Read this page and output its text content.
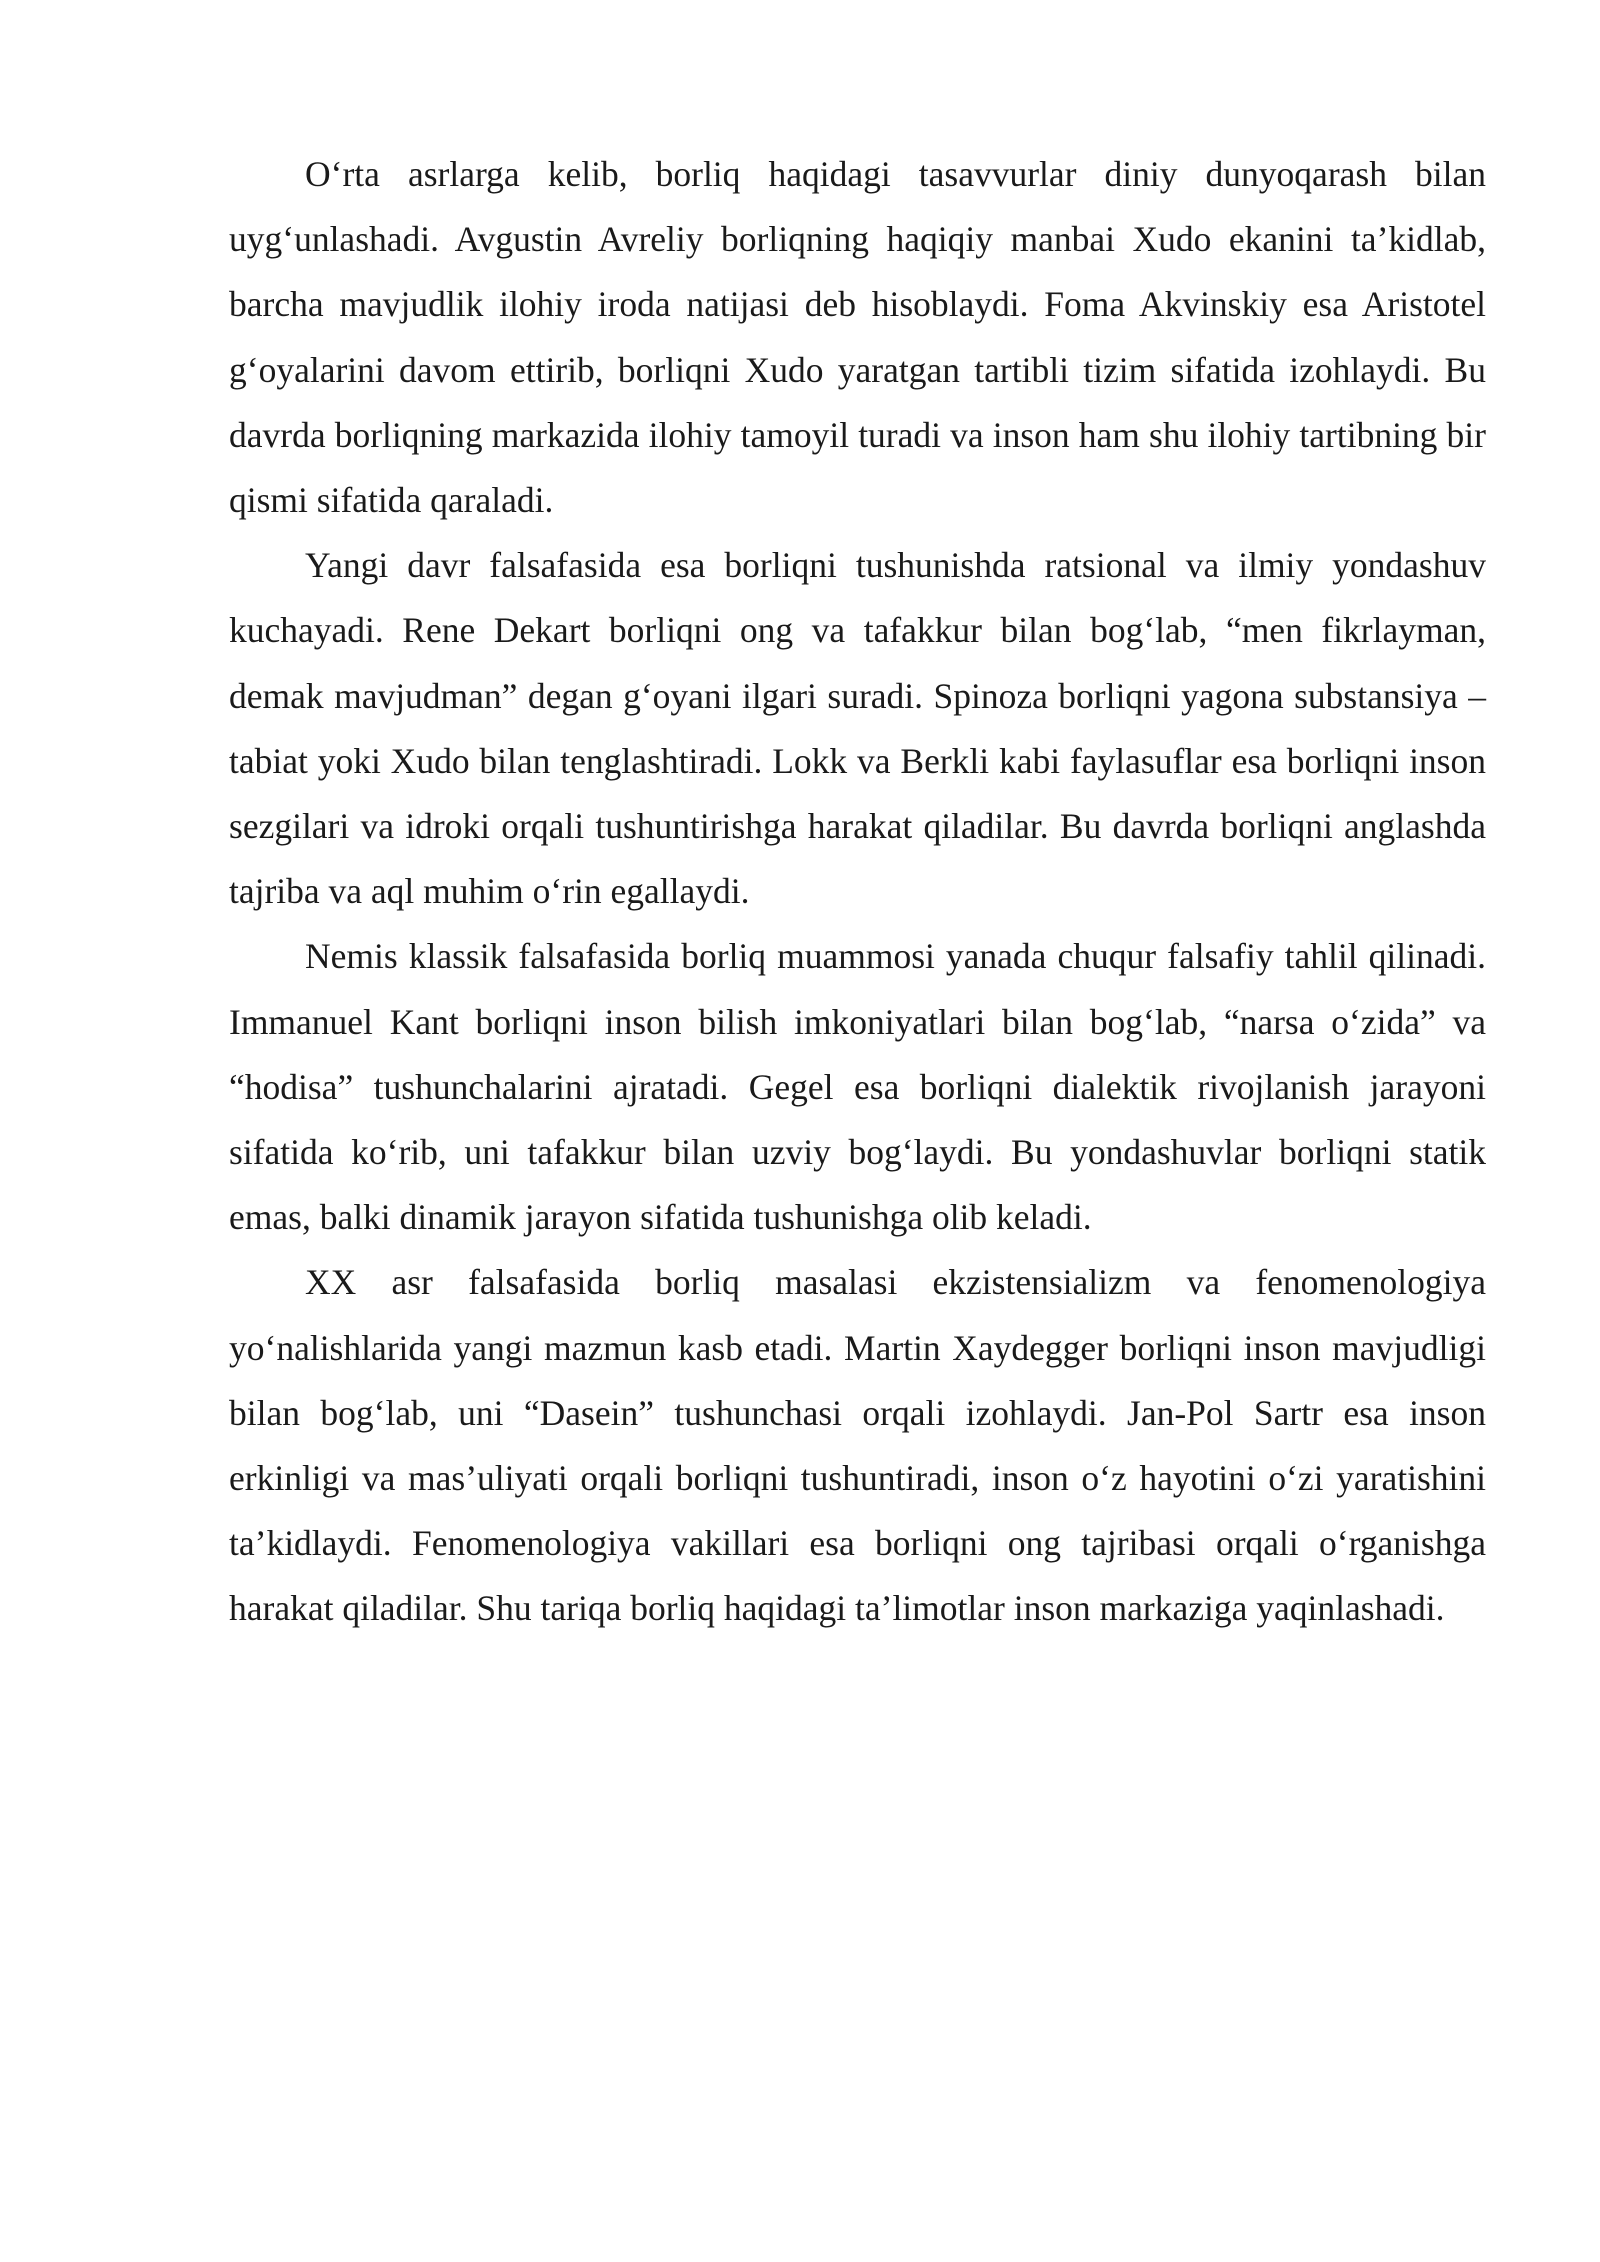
O‘rta asrlarga kelib, borliq haqidagi tasavvurlar diniy dunyoqarash bilan uyg‘unlashadi. Avgustin Avreliy borliqning haqiqiy manbai Xudo ekanini ta’kidlab, barcha mavjudlik ilohiy iroda natijasi deb hisoblaydi. Foma Akvinskiy esa Aristotel g‘oyalarini davom ettirib, borliqni Xudo yaratgan tartibli tizim sifatida izohlaydi. Bu davrda borliqning markazida ilohiy tamoyil turadi va inson ham shu ilohiy tartibning bir qismi sifatida qaraladi.

Yangi davr falsafasida esa borliqni tushunishda ratsional va ilmiy yondashuv kuchayadi. Rene Dekart borliqni ong va tafakkur bilan bog‘lab, “men fikrlayman, demak mavjudman” degan g‘oyani ilgari suradi. Spinoza borliqni yagona substansiya – tabiat yoki Xudo bilan tenglashtiradi. Lokk va Berkli kabi faylasuflar esa borliqni inson sezgilari va idroki orqali tushuntirishga harakat qiladilar. Bu davrda borliqni anglashda tajriba va aql muhim o‘rin egallaydi.

Nemis klassik falsafasida borliq muammosi yanada chuqur falsafiy tahlil qilinadi. Immanuel Kant borliqni inson bilish imkoniyatlari bilan bog‘lab, “narsa o‘zida” va “hodisa” tushunchalarini ajratadi. Gegel esa borliqni dialektik rivojlanish jarayoni sifatida ko‘rib, uni tafakkur bilan uzviy bog‘laydi. Bu yondashuvlar borliqni statik emas, balki dinamik jarayon sifatida tushunishga olib keladi.

XX asr falsafasida borliq masalasi ekzistensializm va fenomenologiya yo‘nalishlarida yangi mazmun kasb etadi. Martin Xaydegger borliqni inson mavjudligi bilan bog‘lab, uni “Dasein” tushunchasi orqali izohlaydi. Jan-Pol Sartr esa inson erkinligi va mas’uliyati orqali borliqni tushuntiradi, inson o‘z hayotini o‘zi yaratishini ta’kidlaydi. Fenomenologiya vakillari esa borliqni ong tajribasi orqali o‘rganishga harakat qiladilar. Shu tariqa borliq haqidagi ta’limotlar inson markaziga yaqinlashadi.
